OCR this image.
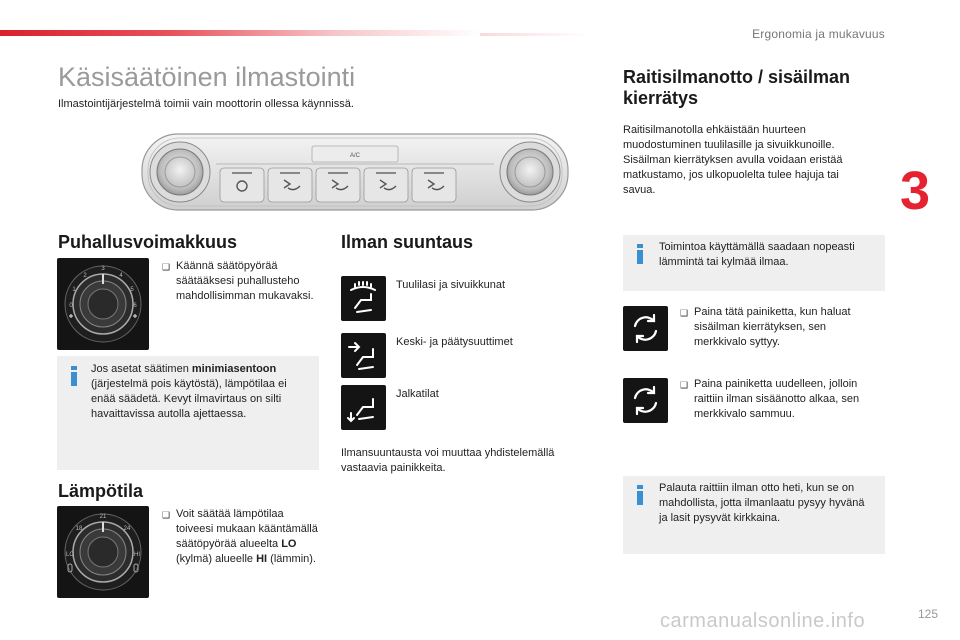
Ergonomia ja mukavuus
3
Käsisäätöinen ilmastointi
Ilmastointijärjestelmä toimii vain moottorin ollessa käynnissä.
A/C
Puhallusvoimakkuus
0
1
2
3
4
5
6
❑ Käännä säätöpyörää säätääksesi puhallusteho mahdollisimman mukavaksi.
Jos asetat säätimen minimiasentoon (järjestelmä pois käytöstä), lämpötilaa ei enää säädetä. Kevyt ilmavirtaus on silti havaittavissa autolla ajettaessa.
Lämpötila
LO
18
21
24
HI
❑ Voit säätää lämpötilaa toiveesi mukaan kääntämällä säätöpyörää alueelta LO (kylmä) alueelle HI (lämmin).
Ilman suuntaus
Tuulilasi ja sivuikkunat
Keski- ja päätysuuttimet
Jalkatilat
Ilmansuuntausta voi muuttaa yhdistelemällä vastaavia painikkeita.
Raitisilmanotto / sisäilman
kierrätys
Raitisilmanotolla ehkäistään huurteen muodostuminen tuulilasille ja sivuikkunoille. Sisäilman kierrätyksen avulla voidaan eristää matkustamo, jos ulkopuolelta tulee hajuja tai savua.
Toimintoa käyttämällä saadaan nopeasti lämmintä tai kylmää ilmaa.
❑ Paina tätä painiketta, kun haluat sisäilman kierrätyksen, sen merkkivalo syttyy.
❑ Paina painiketta uudelleen, jolloin raittiin ilman sisäänotto alkaa, sen merkkivalo sammuu.
Palauta raittiin ilman otto heti, kun se on mahdollista, jotta ilmanlaatu pysyy hyvänä ja lasit pysyvät kirkkaina.
125
carmanualsonline.info
